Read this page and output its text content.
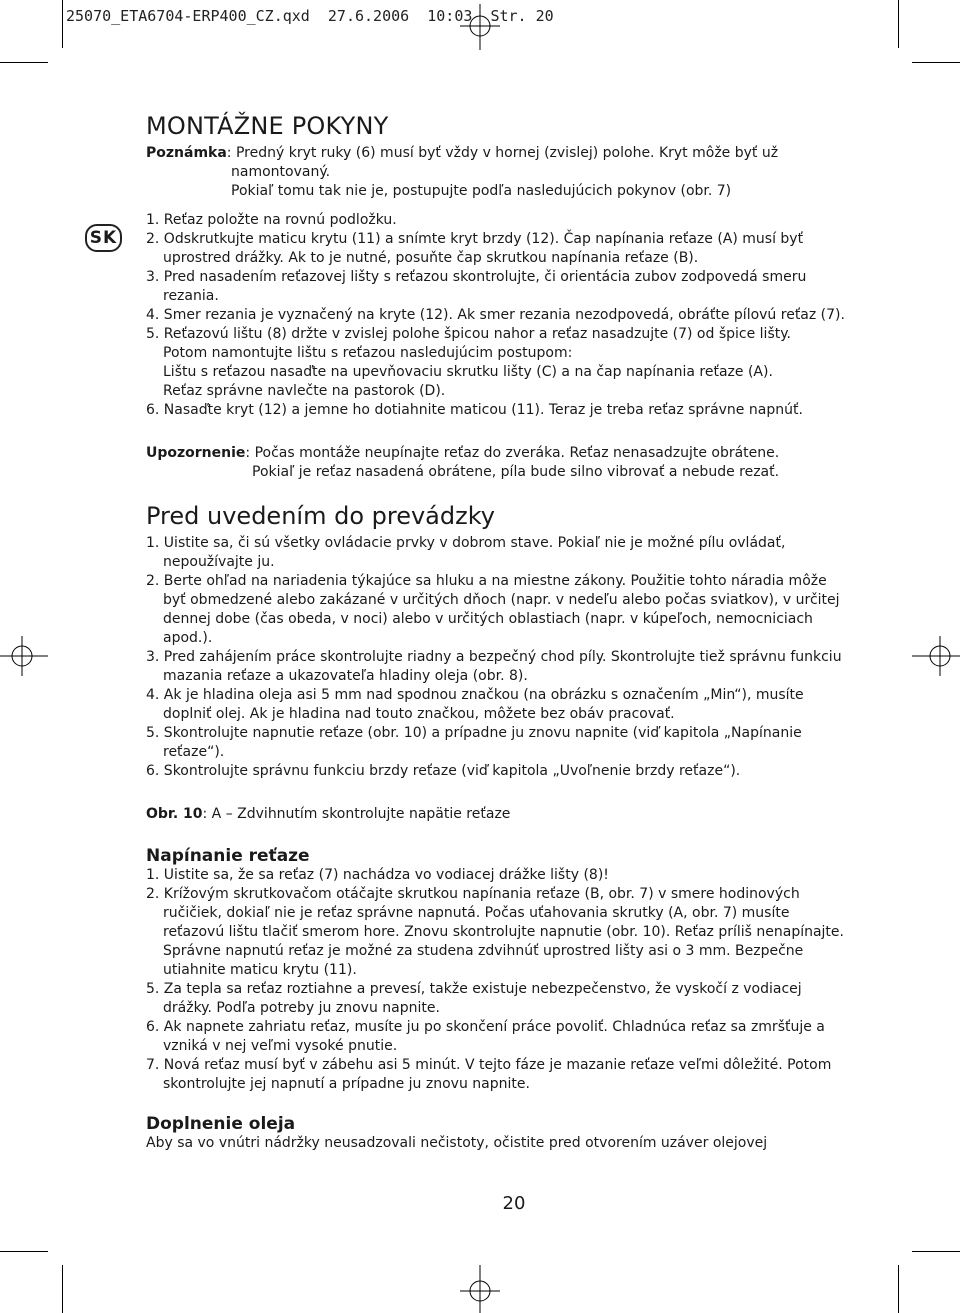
25070_ETA6704-ERP400_CZ.qxd  27.6.2006  10:03  Str. 20
SK
MONTÁŽNE POKYNY

Poznámka: Predný kryt ruky (6) musí byť vždy v hornej (zvislej) polohe. Kryt môže byť už

namontovaný.

Pokiaľ tomu tak nie je, postupujte podľa nasledujúcich pokynov (obr. 7)

1. Reťaz položte na rovnú podložku.

2. Odskrutkujte maticu krytu (11) a snímte kryt brzdy (12). Čap napínania reťaze (A) musí byť uprostred drážky. Ak to je nutné, posuňte čap skrutkou napínania reťaze (B).

3. Pred nasadením reťazovej lišty s reťazou skontrolujte, či orientácia zubov zodpovedá smeru rezania.

4. Smer rezania je vyznačený na kryte (12). Ak smer rezania nezodpovedá, obráťte pílovú reťaz (7).

5. Reťazovú lištu (8) držte v zvislej polohe špicou nahor a reťaz nasadzujte (7) od špice lišty.

Potom namontujte lištu s reťazou nasledujúcim postupom:

Lištu s reťazou nasaďte na upevňovaciu skrutku lišty (C) a na čap napínania reťaze (A).

Reťaz správne navlečte na pastorok (D).

6. Nasaďte kryt (12) a jemne ho dotiahnite maticou (11). Teraz je treba reťaz správne napnúť.

Upozornenie: Počas montáže neupínajte reťaz do zveráka. Reťaz nenasadzujte obrátene.

Pokiaľ je reťaz nasadená obrátene, píla bude silno vibrovať a nebude rezať.

Pred uvedením do prevádzky

1. Uistite sa, či sú všetky ovládacie prvky v dobrom stave. Pokiaľ nie je možné pílu ovládať, nepoužívajte ju.

2. Berte ohľad na nariadenia týkajúce sa hluku a na miestne zákony. Použitie tohto náradia môže byť obmedzené alebo zakázané v určitých dňoch (napr. v nedeľu alebo počas sviatkov), v určitej dennej dobe (čas obeda, v noci) alebo v určitých oblastiach (napr. v kúpeľoch, nemocniciach apod.).

3. Pred zahájením práce skontrolujte riadny a bezpečný chod píly. Skontrolujte tiež správnu funkciu mazania reťaze a ukazovateľa hladiny oleja (obr. 8).

4. Ak je hladina oleja asi 5 mm nad spodnou značkou (na obrázku s označením „Min“), musíte doplniť olej. Ak je hladina nad touto značkou, môžete bez obáv pracovať.

5. Skontrolujte napnutie reťaze (obr. 10) a prípadne ju znovu napnite (viď kapitola „Napínanie reťaze“).

6. Skontrolujte správnu funkciu brzdy reťaze (viď kapitola „Uvoľnenie brzdy reťaze“).

Obr. 10: A – Zdvihnutím skontrolujte napätie reťaze

Napínanie reťaze

1. Uistite sa, že sa reťaz (7) nachádza vo vodiacej drážke lišty (8)!

2. Krížovým skrutkovačom otáčajte skrutkou napínania reťaze (B, obr. 7) v smere hodinových ručičiek, dokiaľ nie je reťaz správne napnutá. Počas uťahovania skrutky (A, obr. 7) musíte reťazovú lištu tlačiť smerom hore. Znovu skontrolujte napnutie (obr. 10). Reťaz príliš nenapínajte. Správne napnutú reťaz je možné za studena zdvihnúť uprostred lišty asi o 3 mm. Bezpečne utiahnite maticu krytu (11).

5. Za tepla sa reťaz roztiahne a prevesí, takže existuje nebezpečenstvo, že vyskočí z vodiacej drážky. Podľa potreby ju znovu napnite.

6. Ak napnete zahriatu reťaz, musíte ju po skončení práce povoliť. Chladnúca reťaz sa zmršťuje a vzniká v nej veľmi vysoké pnutie.

7. Nová reťaz musí byť v zábehu asi 5 minút. V tejto fáze je mazanie reťaze veľmi dôležité. Potom skontrolujte jej napnutí a prípadne ju znovu napnite.

Doplnenie oleja

Aby sa vo vnútri nádržky neusadzovali nečistoty, očistite pred otvorením uzáver olejovej

20
